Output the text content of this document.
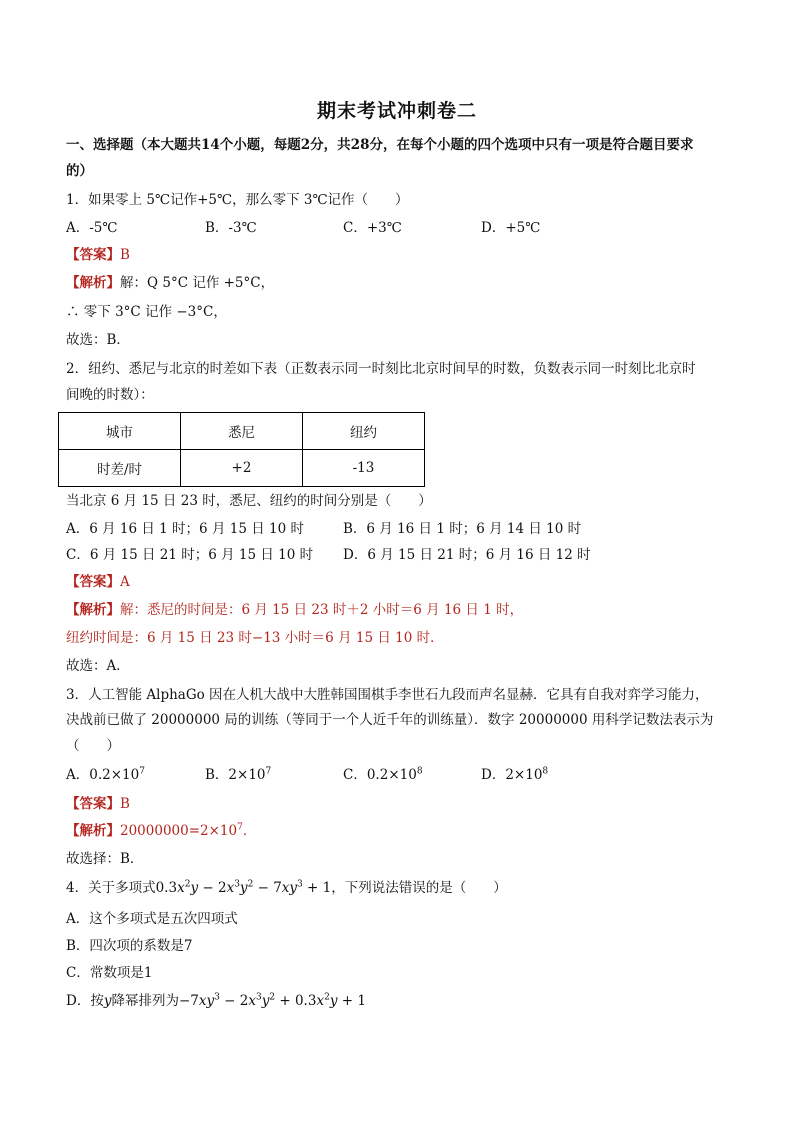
期末考试冲刺卷二
一、选择题（本大题共14个小题，每题2分，共28分，在每个小题的四个选项中只有一项是符合题目要求
的）
1．如果零上 5℃记作+5℃，那么零下 3℃记作（　　）
A．-5℃	B．-3℃	C．+3℃	D．+5℃
【答案】B
【解析】解：Q 5°C 记作 +5°C，
∴ 零下 3°C 记作 −3°C，
故选：B．
2．纽约、悉尼与北京的时差如下表（正数表示同一时刻比北京时间早的时数，负数表示同一时刻比北京时
间晚的时数）：
城市	悉尼	纽约
时差/时	+2	-13
当北京 6 月 15 日 23 时，悉尼、纽约的时间分别是（　　）
A．6 月 16 日 1 时；6 月 15 日 10 时	B．6 月 16 日 1 时；6 月 14 日 10 时
C．6 月 15 日 21 时；6 月 15 日 10 时 D．6 月 15 日 21 时；6 月 16 日 12 时
【答案】A
【解析】解：悉尼的时间是：6 月 15 日 23 时＋2 小时＝6 月 16 日 1 时，
纽约时间是：6 月 15 日 23 时−13 小时＝6 月 15 日 10 时．
故选：A．
3．人工智能 AlphaGo 因在人机大战中大胜韩国围棋手李世石九段而声名显赫．它具有自我对弈学习能力，
决战前已做了 20000000 局的训练（等同于一个人近千年的训练量）．数字 20000000 用科学记数法表示为
（　　）
A．$0.2\times 10^7$	B．$2\times 10^7$	C．$0.2\times 10^8$	D．$2\times 10^8$
【答案】B
【解析】$20000000=2\times 10^7$．
故选择：B．
4．关于多项式$0.3x^2y - 2x^3y^2 - 7xy^3 + 1$，下列说法错误的是（　　）
A．这个多项式是五次四项式
B．四次项的系数是7
C．常数项是1
D．按y降幂排列为$-7xy^3 - 2x^3y^2 + 0.3x^2y + 1$
